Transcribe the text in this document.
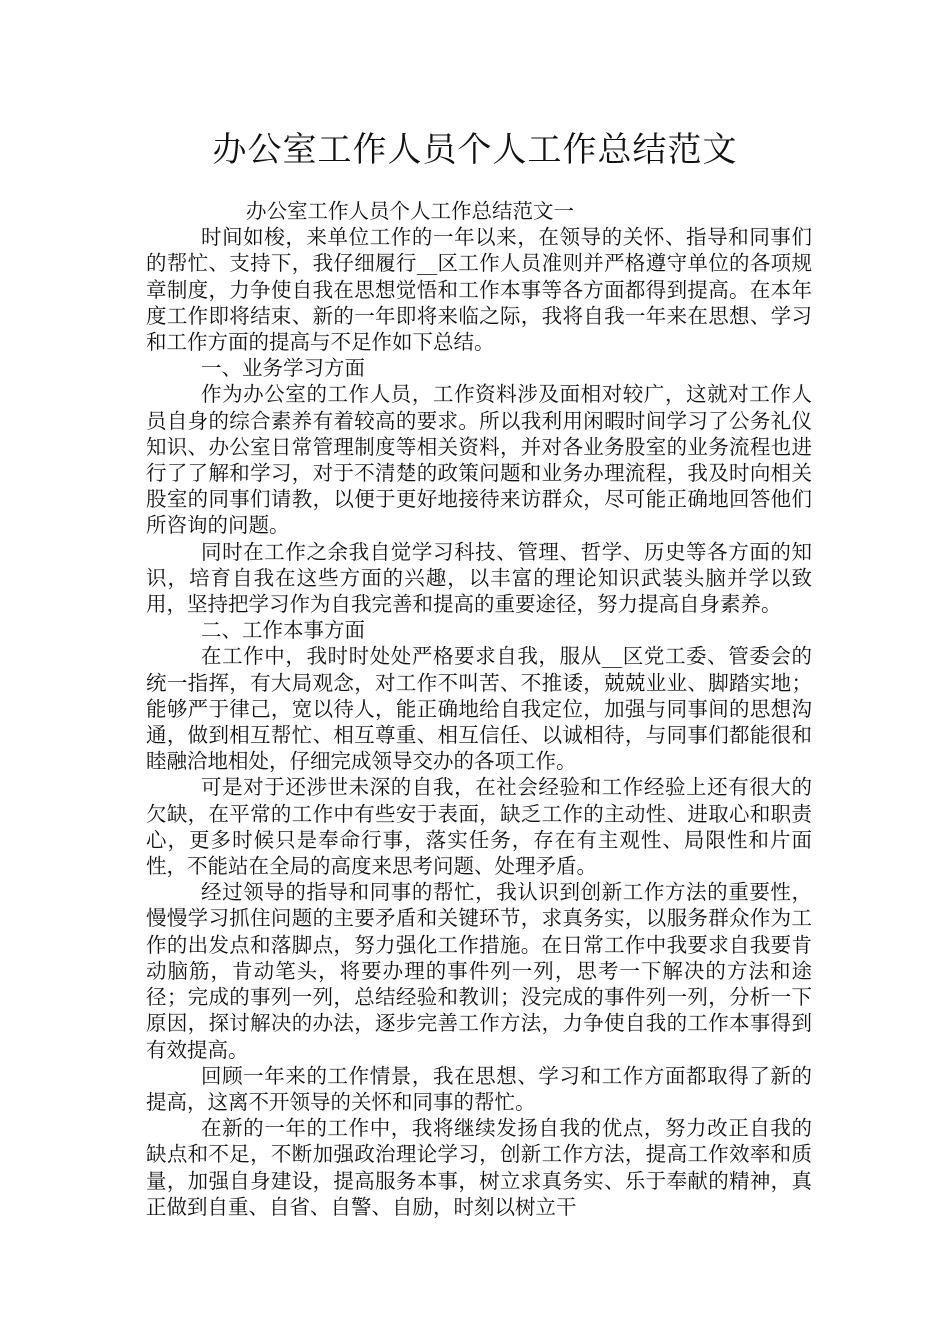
办公室工作人员个人工作总结范文

办公室工作人员个人工作总结范文一

时间如梭，来单位工作的一年以来，在领导的关怀、指导和同事们的帮忙、支持下，我仔细履行__区工作人员准则并严格遵守单位的各项规章制度，力争使自我在思想觉悟和工作本事等各方面都得到提高。在本年度工作即将结束、新的一年即将来临之际，我将自我一年来在思想、学习和工作方面的提高与不足作如下总结。

一、业务学习方面

作为办公室的工作人员，工作资料涉及面相对较广，这就对工作人员自身的综合素养有着较高的要求。所以我利用闲暇时间学习了公务礼仪知识、办公室日常管理制度等相关资料，并对各业务股室的业务流程也进行了了解和学习，对于不清楚的政策问题和业务办理流程，我及时向相关股室的同事们请教，以便于更好地接待来访群众，尽可能正确地回答他们所咨询的问题。

同时在工作之余我自觉学习科技、管理、哲学、历史等各方面的知识，培育自我在这些方面的兴趣，以丰富的理论知识武装头脑并学以致用，坚持把学习作为自我完善和提高的重要途径，努力提高自身素养。

二、工作本事方面

在工作中，我时时处处严格要求自我，服从__区党工委、管委会的统一指挥，有大局观念，对工作不叫苦、不推诿，兢兢业业、脚踏实地；能够严于律己，宽以待人，能正确地给自我定位，加强与同事间的思想沟通，做到相互帮忙、相互尊重、相互信任、以诚相待，与同事们都能很和睦融洽地相处，仔细完成领导交办的各项工作。

可是对于还涉世未深的自我，在社会经验和工作经验上还有很大的欠缺，在平常的工作中有些安于表面，缺乏工作的主动性、进取心和职责心，更多时候只是奉命行事，落实任务，存在有主观性、局限性和片面性，不能站在全局的高度来思考问题、处理矛盾。

经过领导的指导和同事的帮忙，我认识到创新工作方法的重要性，慢慢学习抓住问题的主要矛盾和关键环节，求真务实，以服务群众作为工作的出发点和落脚点，努力强化工作措施。在日常工作中我要求自我要肯动脑筋，肯动笔头，将要办理的事件列一列，思考一下解决的方法和途径；完成的事列一列，总结经验和教训；没完成的事件列一列，分析一下原因，探讨解决的办法，逐步完善工作方法，力争使自我的工作本事得到有效提高。

回顾一年来的工作情景，我在思想、学习和工作方面都取得了新的提高，这离不开领导的关怀和同事的帮忙。

在新的一年的工作中，我将继续发扬自我的优点，努力改正自我的缺点和不足，不断加强政治理论学习，创新工作方法，提高工作效率和质量，加强自身建设，提高服务本事，树立求真务实、乐于奉献的精神，真正做到自重、自省、自警、自励，时刻以树立干
